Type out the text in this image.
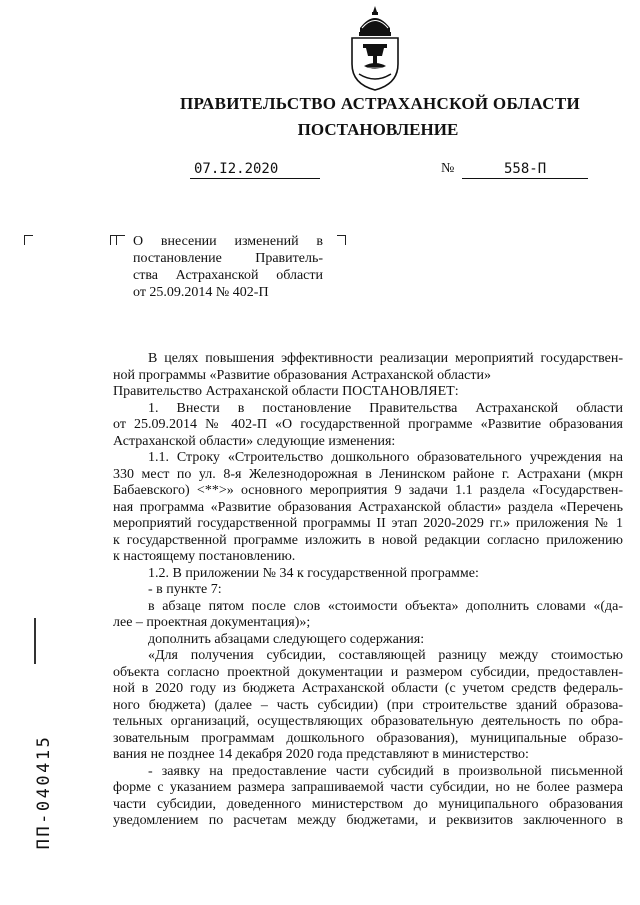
ПРАВИТЕЛЬСТВО АСТРАХАНСКОЙ ОБЛАСТИ
ПОСТАНОВЛЕНИЕ
07.I2.2020	№	558-П
О внесении изменений в
постановление Правитель-
ства Астраханской области
от 25.09.2014 № 402-П
В целях повышения эффективности реализации мероприятий государствен-
ной программы «Развитие образования Астраханской области»
Правительство Астраханской области ПОСТАНОВЛЯЕТ:
1. Внести в постановление Правительства Астраханской области
от 25.09.2014 № 402-П «О государственной программе «Развитие образования
Астраханской области» следующие изменения:
1.1. Строку «Строительство дошкольного образовательного учреждения на
330 мест по ул. 8-я Железнодорожная в Ленинском районе г. Астрахани (мкрн
Бабаевского) <**>» основного мероприятия 9 задачи 1.1 раздела «Государствен-
ная программа «Развитие образования Астраханской области» раздела «Перечень
мероприятий государственной программы II этап 2020-2029 гг.» приложения № 1
к государственной программе изложить в новой редакции согласно приложению
к настоящему постановлению.
1.2. В приложении № 34 к государственной программе:
- в пункте 7:
в абзаце пятом после слов «стоимости объекта» дополнить словами «(да-
лее – проектная документация)»;
дополнить абзацами следующего содержания:
«Для получения субсидии, составляющей разницу между стоимостью
объекта согласно проектной документации и размером субсидии, предоставлен-
ной в 2020 году из бюджета Астраханской области (с учетом средств федераль-
ного бюджета) (далее – часть субсидии) (при строительстве зданий образова-
тельных организаций, осуществляющих образовательную деятельность по обра-
зовательным программам дошкольного образования), муниципальные образо-
вания не позднее 14 декабря 2020 года представляют в министерство:
- заявку на предоставление части субсидий в произвольной письменной
форме с указанием размера запрашиваемой части субсидии, но не более размера
части субсидии, доведенного министерством до муниципального образования
уведомлением по расчетам между бюджетами, и реквизитов заключенного в
ПП-040415
